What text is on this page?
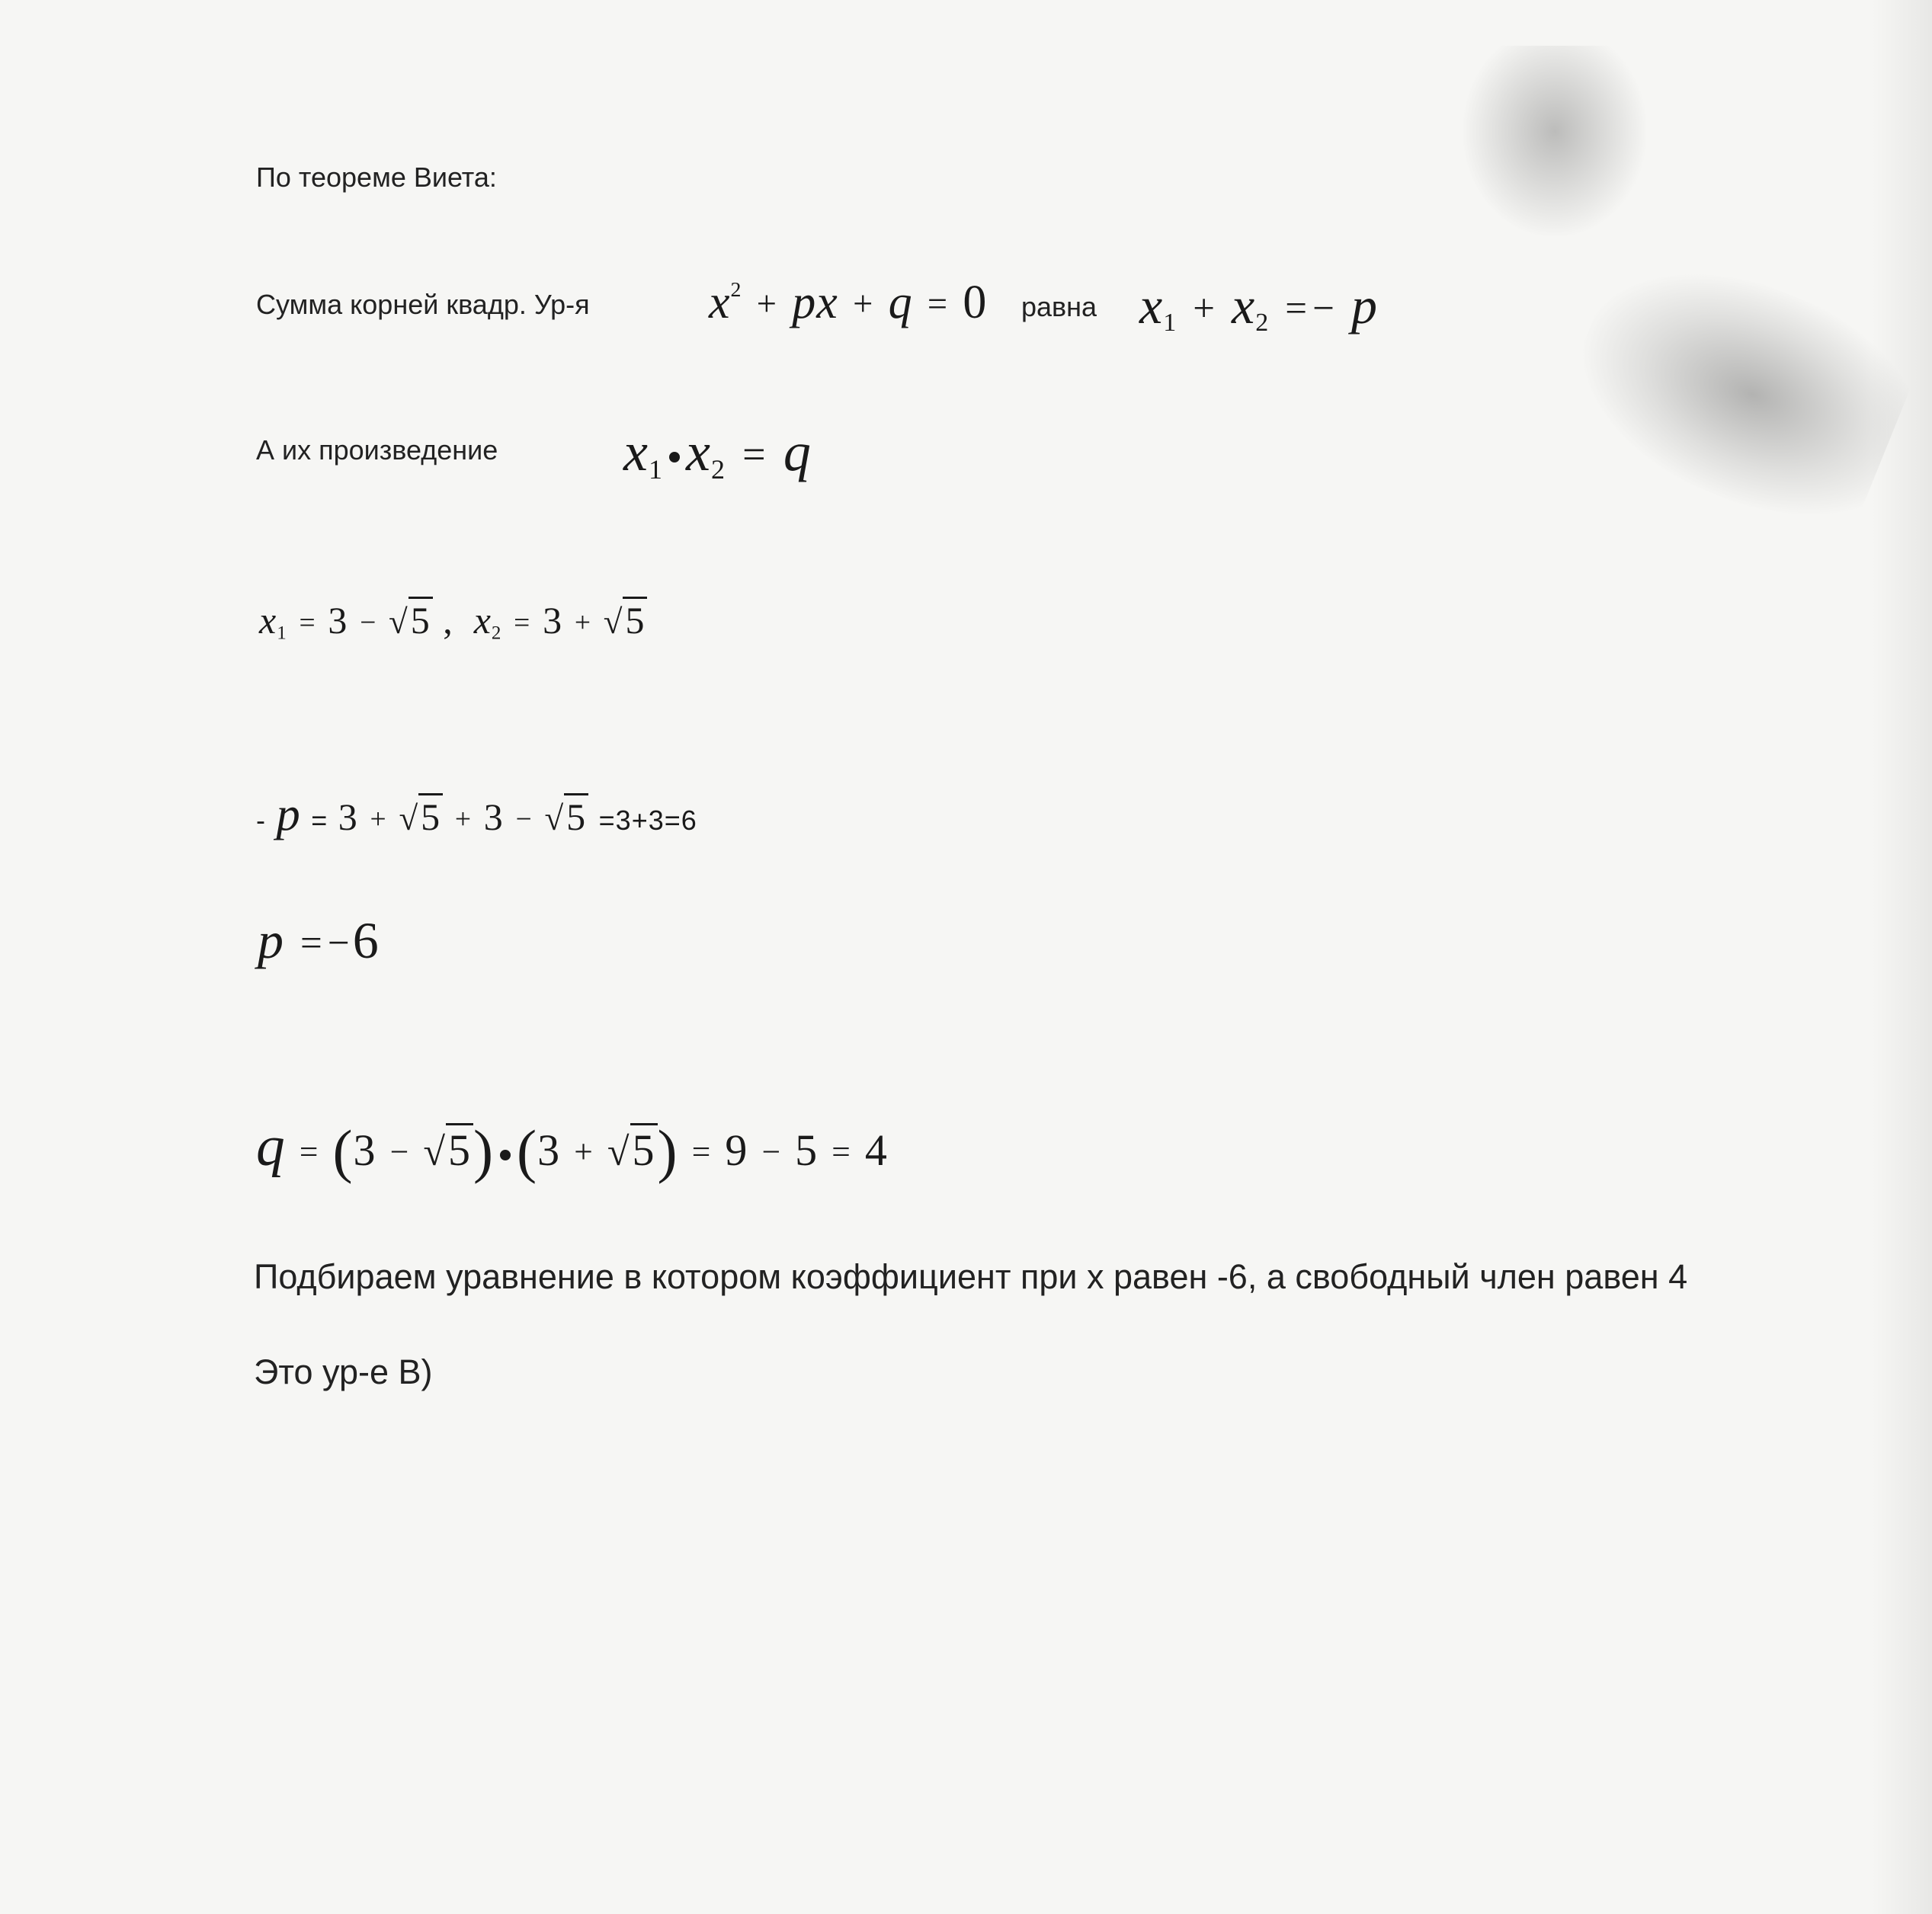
По теореме Виета:

Сумма корней квадр. Ур-я	$x^2$ + px + q = 0 равна $x_1 + x_2$ = − p

А их произведение $x_1$ $x_2 = q$
$x_1 = 3 - √5$ , $x_2 = 3 + √5$
- p = 3 + √5 + 3 − √5 =3+3=6
p = −6
q = (3 − √5) (3 + √5) = 9 − 5 = 4

Подбираем уравнение в котором коэффициент при x равен -6, а свободный член равен 4

Это ур-е В)
